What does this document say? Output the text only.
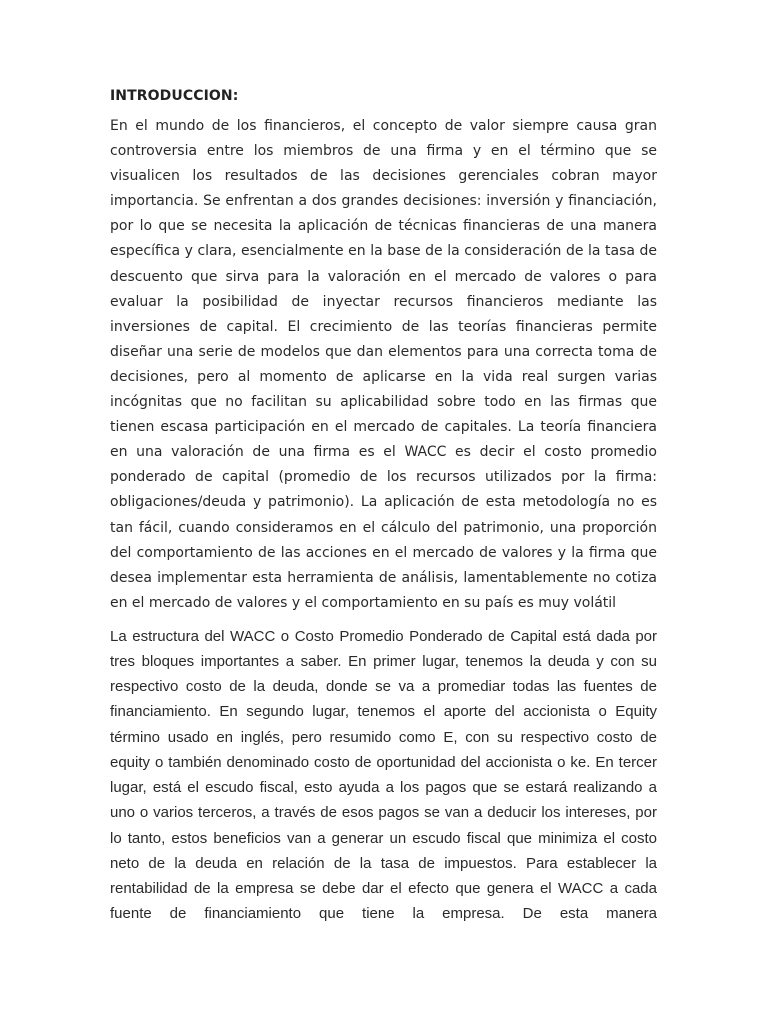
INTRODUCCION:

En el mundo de los financieros, el concepto de valor siempre causa gran controversia entre los miembros de una firma y en el término que se visualicen los resultados de las decisiones gerenciales cobran mayor importancia. Se enfrentan a dos grandes decisiones: inversión y financiación, por lo que se necesita la aplicación de técnicas financieras de una manera específica y clara, esencialmente en la base de la consideración de la tasa de descuento que sirva para la valoración en el mercado de valores o para evaluar la posibilidad de inyectar recursos financieros mediante las inversiones de capital. El crecimiento de las teorías financieras permite diseñar una serie de modelos que dan elementos para una correcta toma de decisiones, pero al momento de aplicarse en la vida real surgen varias incógnitas que no facilitan su aplicabilidad sobre todo en las firmas que tienen escasa participación en el mercado de capitales. La teoría financiera en una valoración de una firma es el WACC es decir el costo promedio ponderado de capital (promedio de los recursos utilizados por la firma: obligaciones/deuda y patrimonio). La aplicación de esta metodología no es tan fácil, cuando consideramos en el cálculo del patrimonio, una proporción del comportamiento de las acciones en el mercado de valores y la firma que desea implementar esta herramienta de análisis, lamentablemente no cotiza en el mercado de valores y el comportamiento en su país es muy volátil

La estructura del WACC o Costo Promedio Ponderado de Capital está dada por tres bloques importantes a saber. En primer lugar, tenemos la deuda y con su respectivo costo de la deuda, donde se va a promediar todas las fuentes de financiamiento. En segundo lugar, tenemos el aporte del accionista o Equity término usado en inglés, pero resumido como E, con su respectivo costo de equity o también denominado costo de oportunidad del accionista o ke. En tercer lugar, está el escudo fiscal, esto ayuda a los pagos que se estará realizando a uno o varios terceros, a través de esos pagos se van a deducir los intereses, por lo tanto, estos beneficios van a generar un escudo fiscal que minimiza el costo neto de la deuda en relación de la tasa de impuestos. Para establecer la rentabilidad de la empresa se debe dar el efecto que genera el WACC a cada fuente de financiamiento que tiene la empresa. De esta manera
